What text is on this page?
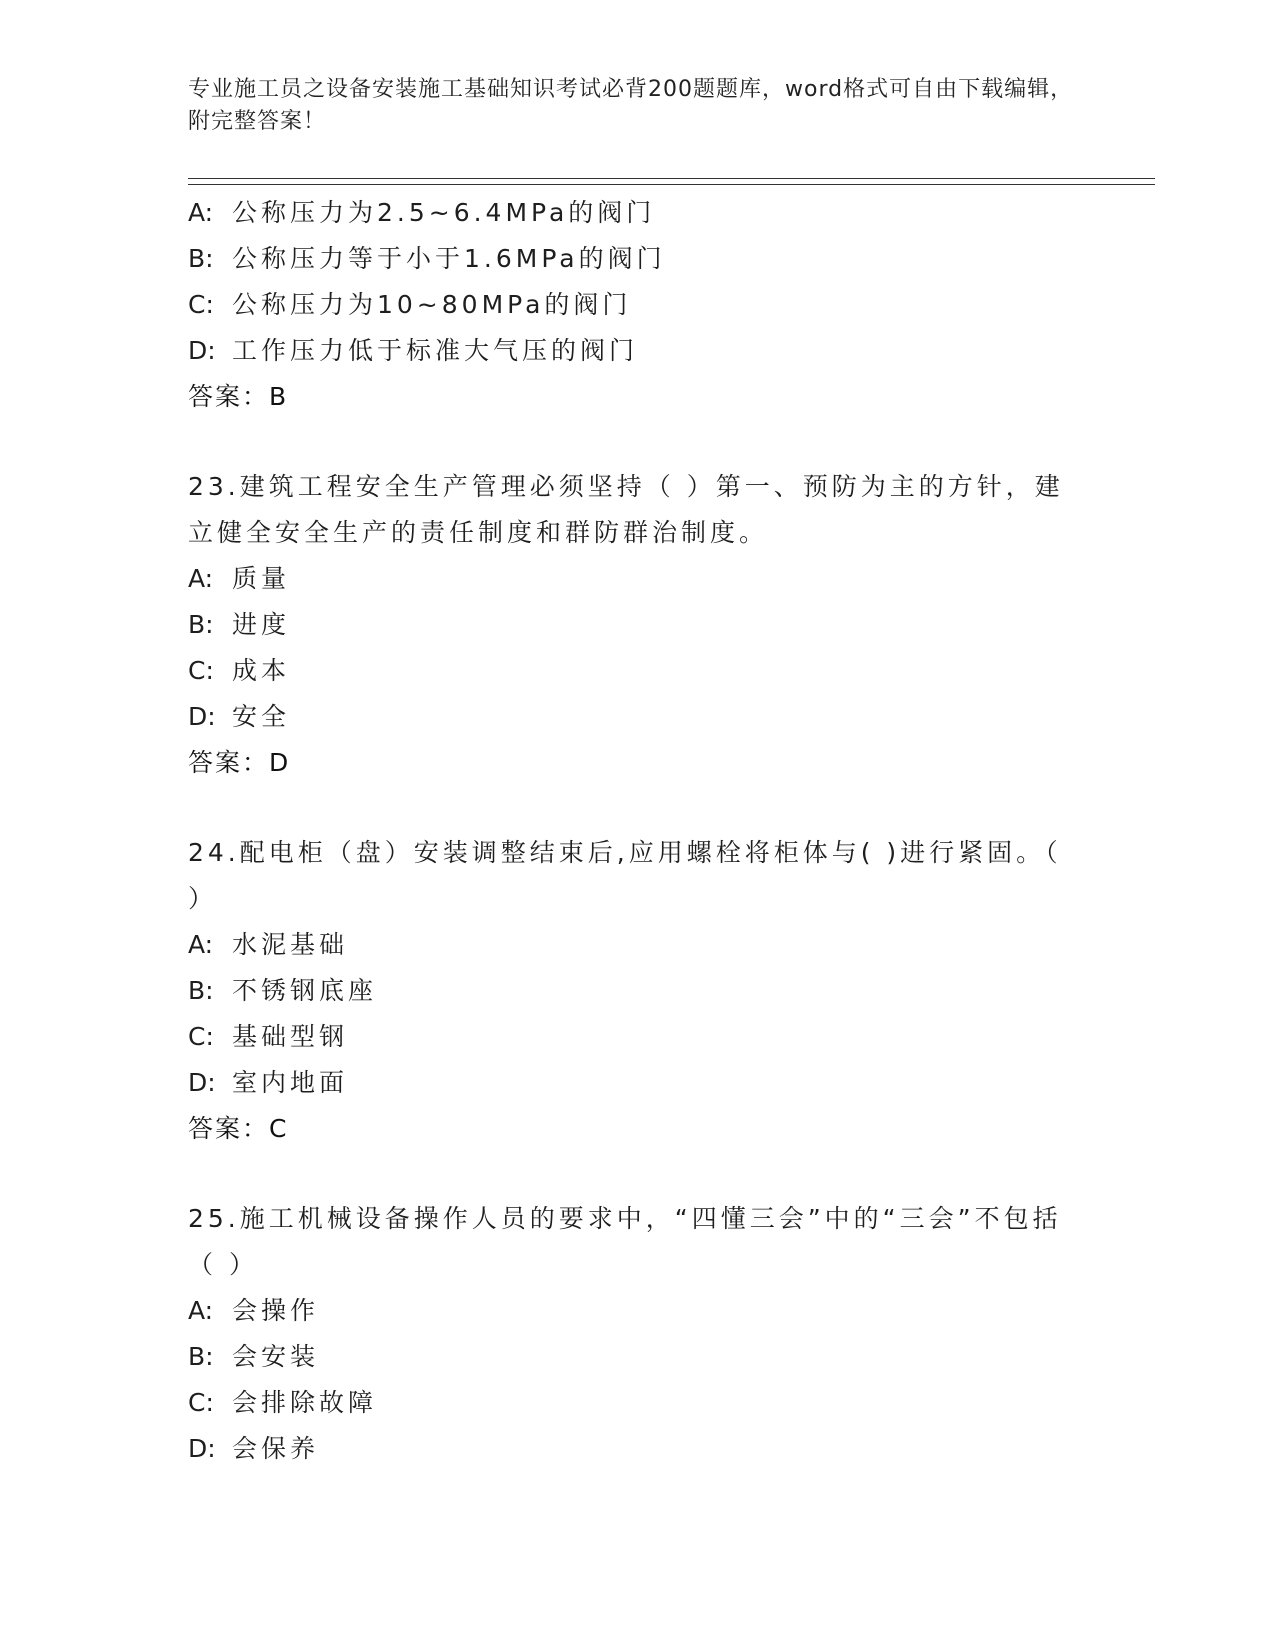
专业施工员之设备安装施工基础知识考试必背200题题库，word格式可自由下载编辑，附完整答案！
A: 公称压力为2.5~6.4MPa的阀门
B: 公称压力等于小于1.6MPa的阀门
C: 公称压力为10~80MPa的阀门
D: 工作压力低于标准大气压的阀门
答案：B
23.建筑工程安全生产管理必须坚持（ ）第一、预防为主的方针，建立健全安全生产的责任制度和群防群治制度。
A: 质量
B: 进度
C: 成本
D: 安全
答案：D
24.配电柜（盘）安装调整结束后,应用螺栓将柜体与( )进行紧固。（ ）
A: 水泥基础
B: 不锈钢底座
C: 基础型钢
D: 室内地面
答案：C
25.施工机械设备操作人员的要求中，“四懂三会”中的“三会”不包括（ ）
A: 会操作
B: 会安装
C: 会排除故障
D: 会保养
